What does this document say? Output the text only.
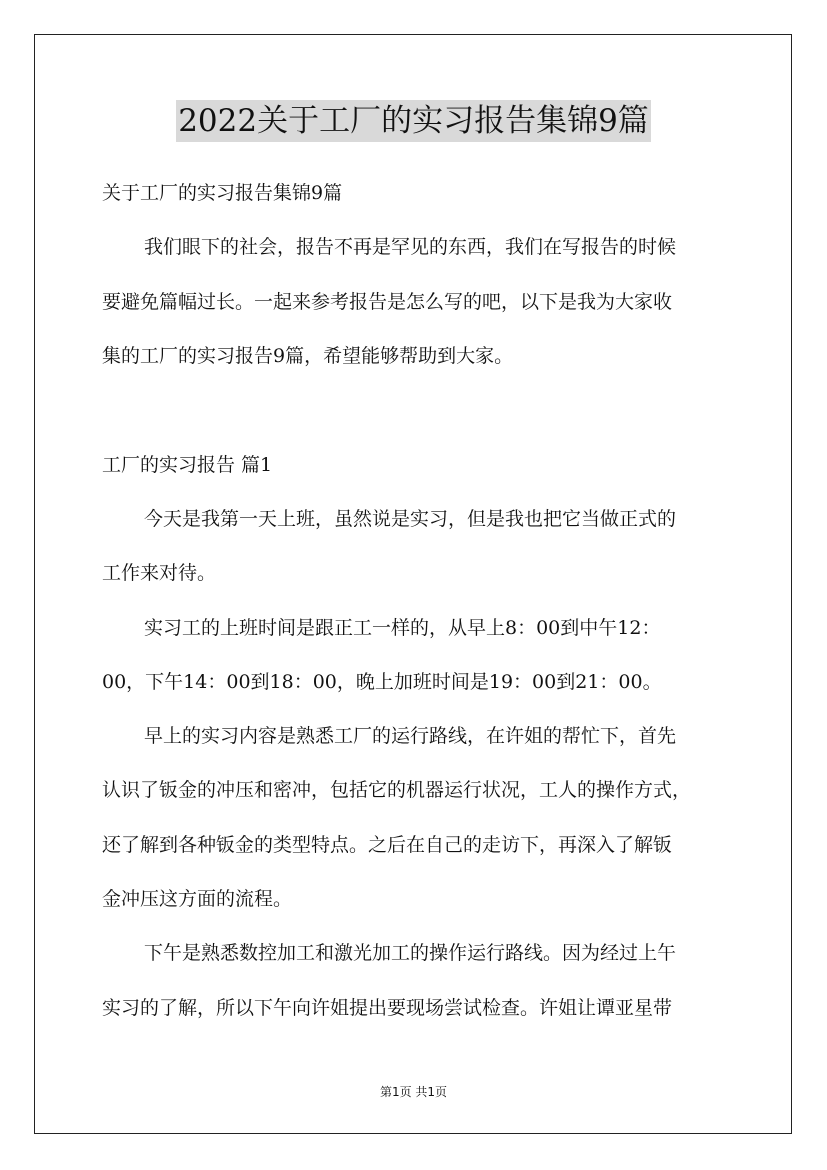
2022关于工厂的实习报告集锦9篇
关于工厂的实习报告集锦9篇
我们眼下的社会，报告不再是罕见的东西，我们在写报告的时候
要避免篇幅过长。一起来参考报告是怎么写的吧，以下是我为大家收
集的工厂的实习报告9篇，希望能够帮助到大家。
工厂的实习报告 篇1
今天是我第一天上班，虽然说是实习，但是我也把它当做正式的
工作来对待。
实习工的上班时间是跟正工一样的，从早上8：00到中午12：
00，下午14：00到18：00，晚上加班时间是19：00到21：00。
早上的实习内容是熟悉工厂的运行路线，在许姐的帮忙下，首先
认识了钣金的冲压和密冲，包括它的机器运行状况，工人的操作方式，
还了解到各种钣金的类型特点。之后在自己的走访下，再深入了解钣
金冲压这方面的流程。
下午是熟悉数控加工和激光加工的操作运行路线。因为经过上午
实习的了解，所以下午向许姐提出要现场尝试检查。许姐让谭亚星带
第1页 共1页
